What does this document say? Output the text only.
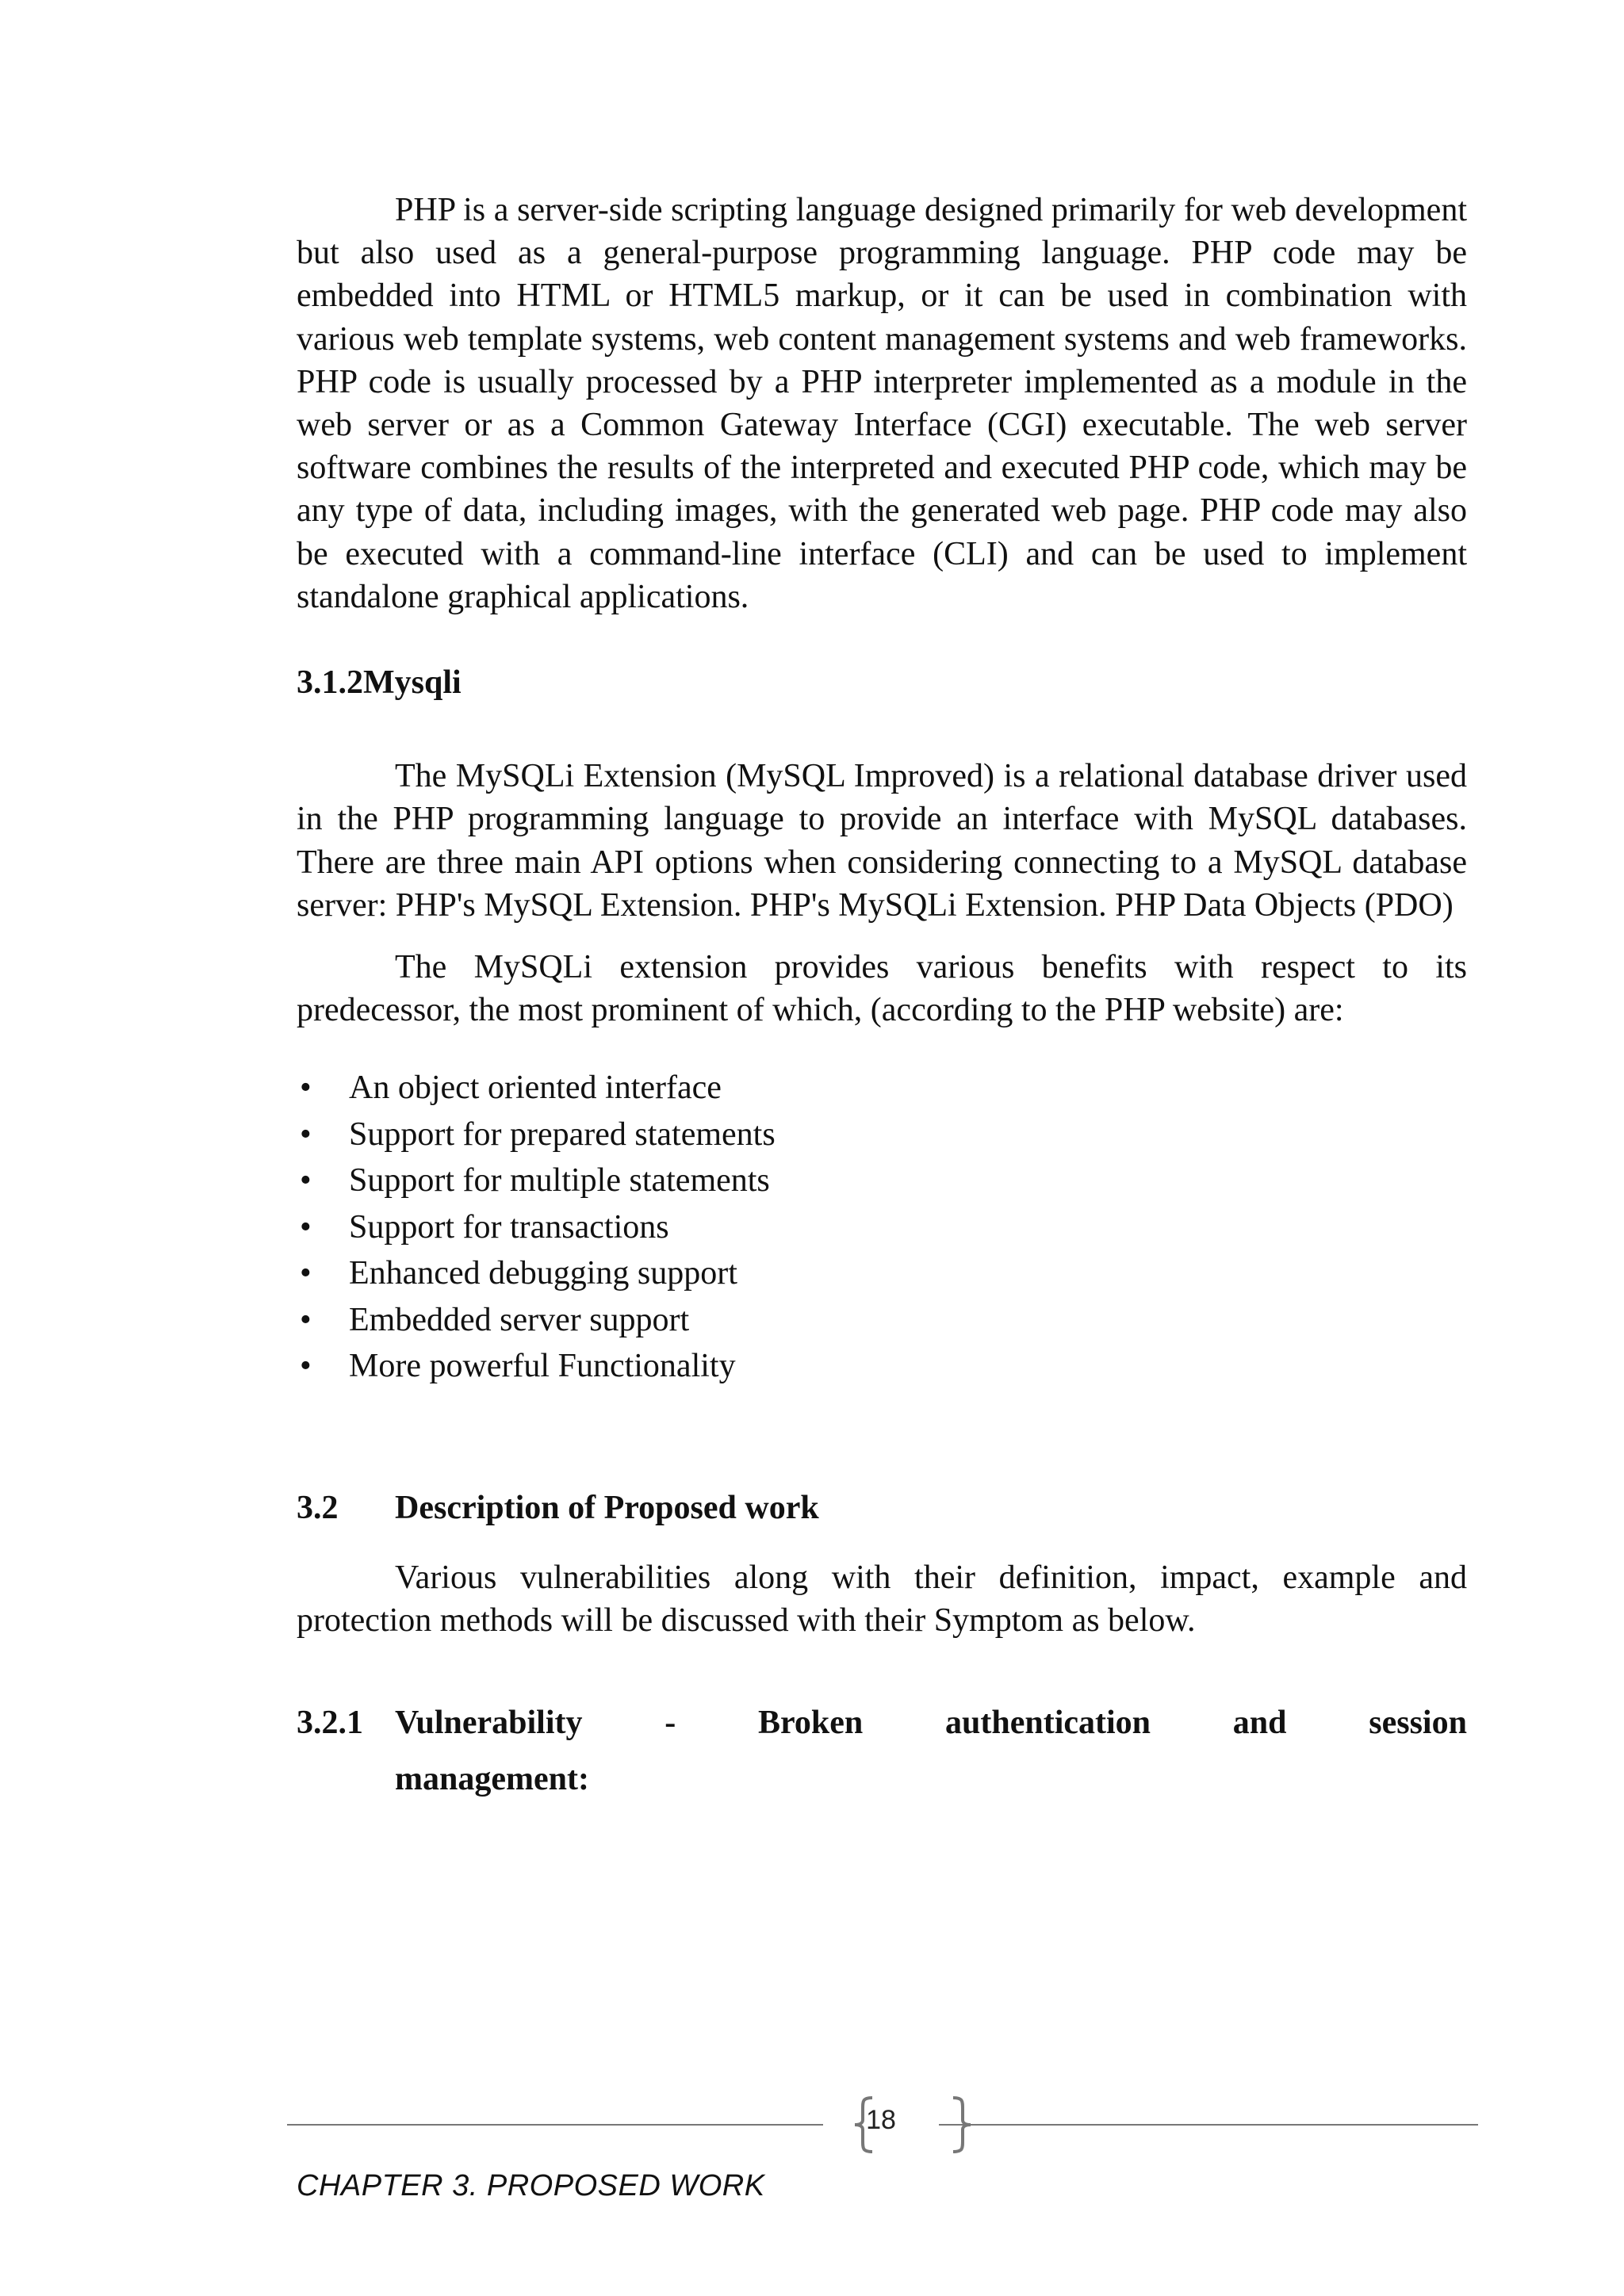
PHP is a server-side scripting language designed primarily for web development but also used as a general-purpose programming language. PHP code may be embedded into HTML or HTML5 markup, or it can be used in combination with various web template systems, web content management systems and web frameworks. PHP code is usually processed by a PHP interpreter implemented as a module in the web server or as a Common Gateway Interface (CGI) executable. The web server software combines the results of the interpreted and executed PHP code, which may be any type of data, including images, with the generated web page. PHP code may also be executed with a command-line interface (CLI) and can be used to implement standalone graphical applications.

3.1.2Mysqli

The MySQLi Extension (MySQL Improved) is a relational database driver used in the PHP programming language to provide an interface with MySQL databases. There are three main API options when considering connecting to a MySQL database server: PHP's MySQL Extension. PHP's MySQLi Extension. PHP Data Objects (PDO)

The MySQLi extension provides various benefits with respect to its predecessor, the most prominent of which, (according to the PHP website) are:

• An object oriented interface
• Support for prepared statements
• Support for multiple statements
• Support for transactions
• Enhanced debugging support
• Embedded server support
• More powerful Functionality
3.2	Description of Proposed work

Various vulnerabilities along with their definition, impact, example and protection methods will be discussed with their Symptom as below.

3.2.1 Vulnerability - Broken authentication and session
management:
18
CHAPTER 3. PROPOSED WORK
